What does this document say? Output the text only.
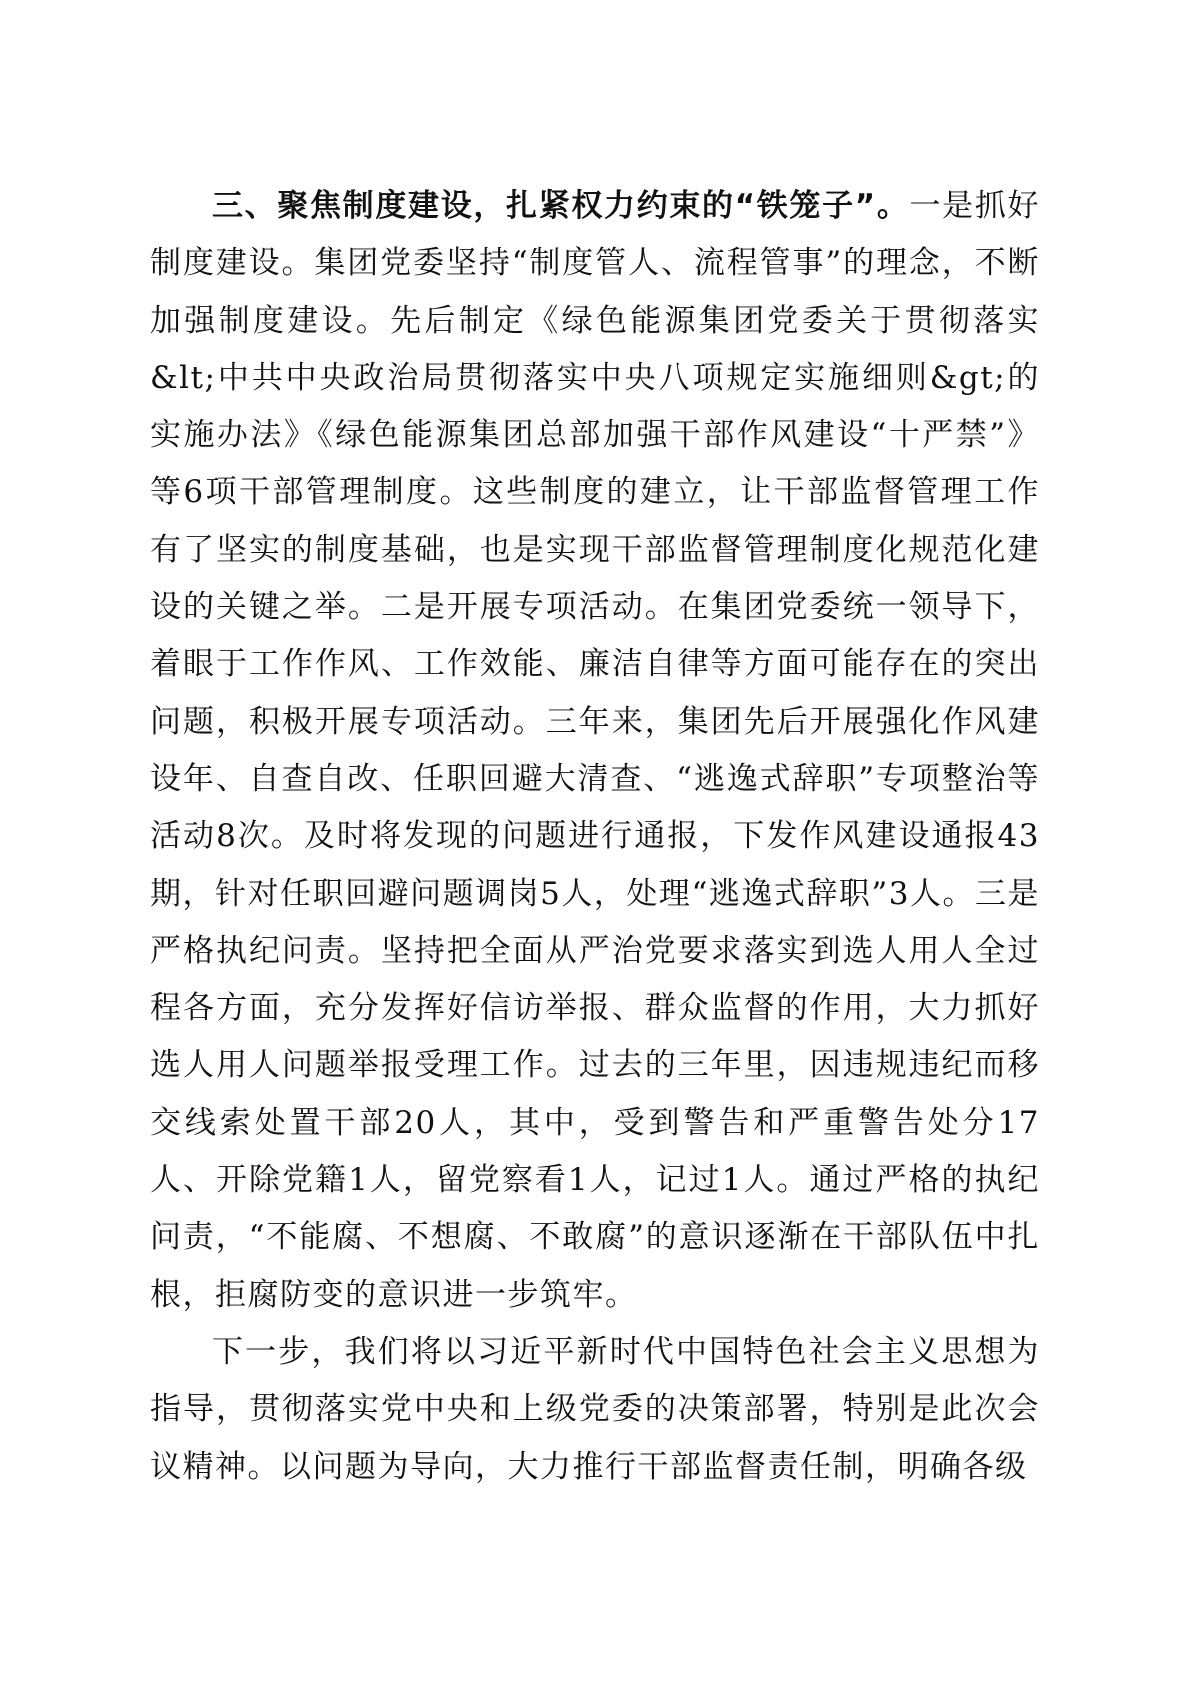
三、聚焦制度建设，扎紧权力约束的“铁笼子”。一是抓好制度建设。集团党委坚持“制度管人、流程管事”的理念，不断加强制度建设。先后制定《绿色能源集团党委关于贯彻落实&lt;中共中央政治局贯彻落实中央八项规定实施细则&gt;的实施办法》《绿色能源集团总部加强干部作风建设“十严禁”》等6项干部管理制度。这些制度的建立，让干部监督管理工作有了坚实的制度基础，也是实现干部监督管理制度化规范化建设的关键之举。二是开展专项活动。在集团党委统一领导下，着眼于工作作风、工作效能、廉洁自律等方面可能存在的突出问题，积极开展专项活动。三年来，集团先后开展强化作风建设年、自查自改、任职回避大清查、“逃逸式辞职”专项整治等活动8次。及时将发现的问题进行通报，下发作风建设通报43期，针对任职回避问题调岗5人，处理“逃逸式辞职”3人。三是严格执纪问责。坚持把全面从严治党要求落实到选人用人全过程各方面，充分发挥好信访举报、群众监督的作用，大力抓好选人用人问题举报受理工作。过去的三年里，因违规违纪而移交线索处置干部20人，其中，受到警告和严重警告处分17人、开除党籍1人，留党察看1人，记过1人。通过严格的执纪问责，“不能腐、不想腐、不敢腐”的意识逐渐在干部队伍中扎根，拒腐防变的意识进一步筑牢。

下一步，我们将以习近平新时代中国特色社会主义思想为指导，贯彻落实党中央和上级党委的决策部署，特别是此次会议精神。以问题为导向，大力推行干部监督责任制，明确各级
